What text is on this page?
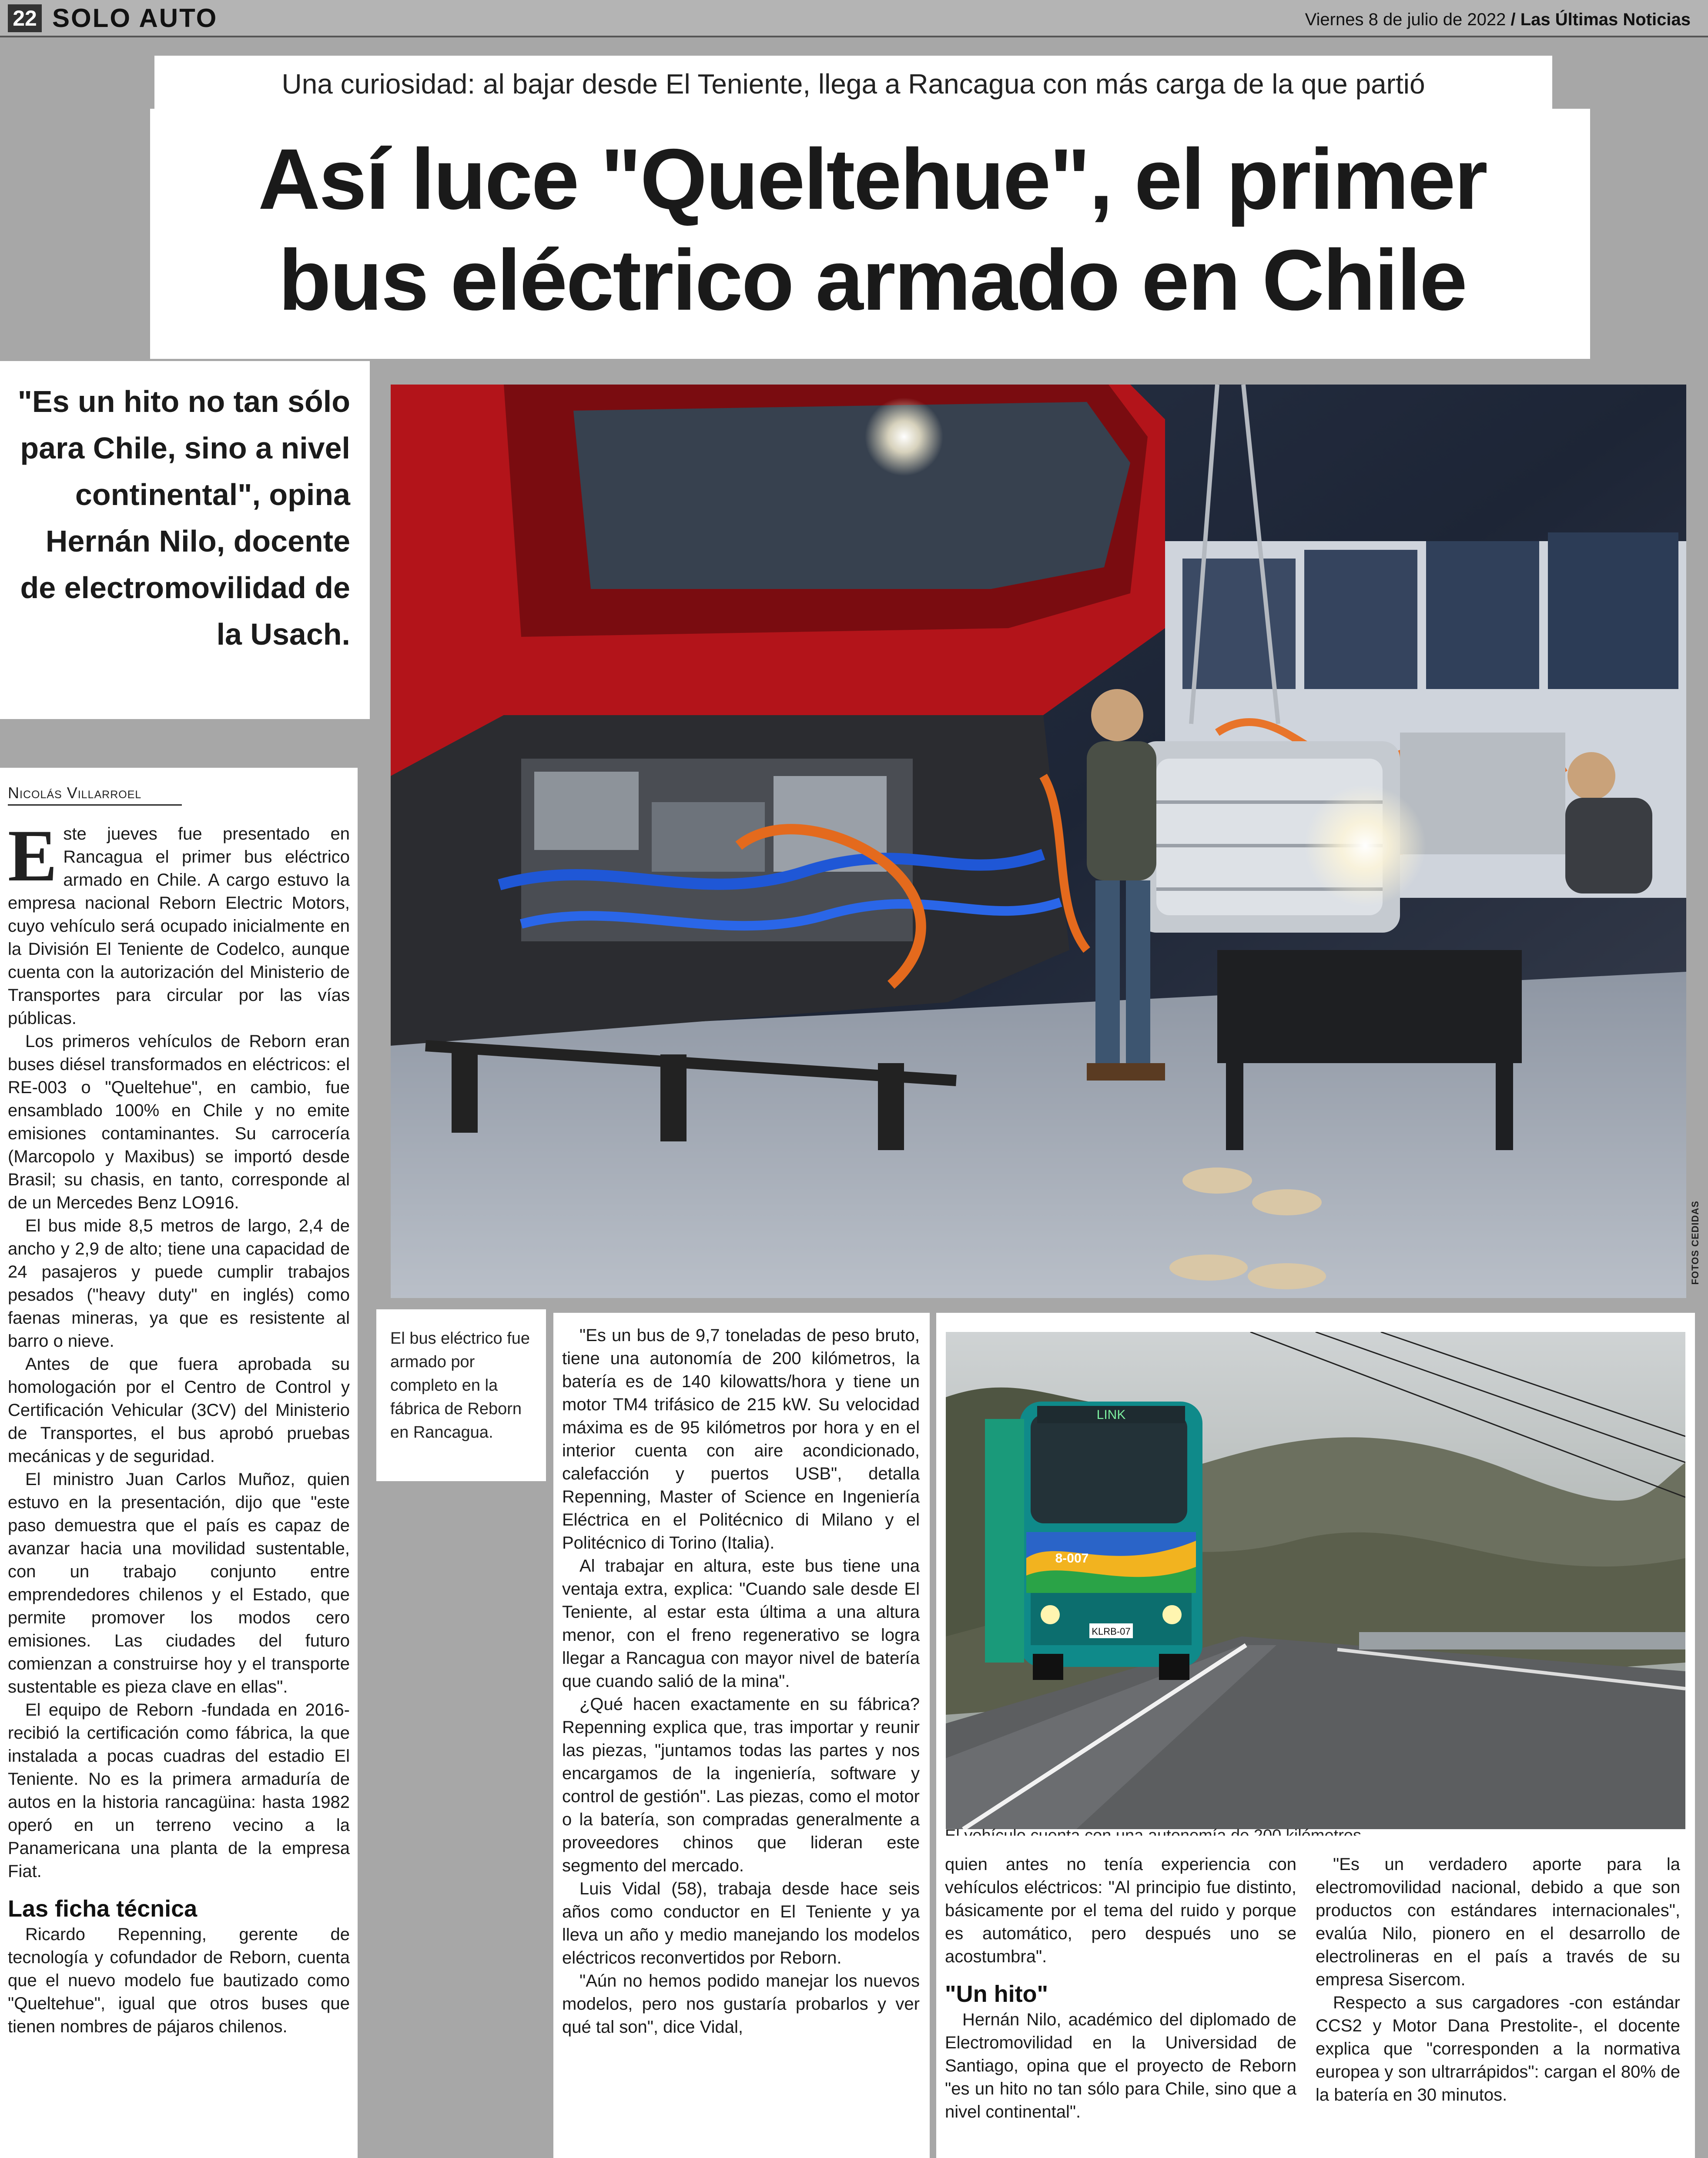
22 SOLO AUTO	Viernes 8 de julio de 2022 / Las Últimas Noticias
Una curiosidad: al bajar desde El Teniente, llega a Rancagua con más carga de la que partió
Así luce "Queltehue", el primer
bus eléctrico armado en Chile
"Es un hito no tan sólo para Chile, sino a nivel continental", opina Hernán Nilo, docente de electromovilidad de la Usach.
FOTOS CEDIDAS
El bus eléctrico fue armado por completo en la fábrica de Reborn en Rancagua.
Nicolás Villarroel

Este jueves fue presentado en Rancagua el primer bus eléctrico armado en Chile. A cargo estuvo la empresa nacional Reborn Electric Motors, cuyo vehículo será ocupado inicialmente en la División El Teniente de Codelco, aunque cuenta con la autorización del Ministerio de Transportes para circular por las vías públicas.

Los primeros vehículos de Reborn eran buses diésel transformados en eléctricos: el RE-003 o "Queltehue", en cambio, fue ensamblado 100% en Chile y no emite emisiones contaminantes. Su carrocería (Marcopolo y Maxibus) se importó desde Brasil; su chasis, en tanto, corresponde al de un Mercedes Benz LO916.

El bus mide 8,5 metros de largo, 2,4 de ancho y 2,9 de alto; tiene una capacidad de 24 pasajeros y puede cumplir trabajos pesados ("heavy duty" en inglés) como faenas mineras, ya que es resistente al barro o nieve.

Antes de que fuera aprobada su homologación por el Centro de Control y Certificación Vehicular (3CV) del Ministerio de Transportes, el bus aprobó pruebas mecánicas y de seguridad.

El ministro Juan Carlos Muñoz, quien estuvo en la presentación, dijo que "este paso demuestra que el país es capaz de avanzar hacia una movilidad sustentable, con un trabajo conjunto entre emprendedores chilenos y el Estado, que permite promover los modos cero emisiones. Las ciudades del futuro comienzan a construirse hoy y el transporte sustentable es pieza clave en ellas".

El equipo de Reborn -fundada en 2016- recibió la certificación como fábrica, la que instalada a pocas cuadras del estadio El Teniente. No es la primera armaduría de autos en la historia rancagüina: hasta 1982 operó en un terreno vecino a la Panamericana una planta de la empresa Fiat.

Las ficha técnica

Ricardo Repenning, gerente de tecnología y cofundador de Reborn, cuenta que el nuevo modelo fue bautizado como "Queltehue", igual que otros buses que tienen nombres de pájaros chilenos.

"Es un bus de 9,7 toneladas de peso bruto, tiene una autonomía de 200 kilómetros, la batería es de 140 kilowatts/hora y tiene un motor TM4 trifásico de 215 kW. Su velocidad máxima es de 95 kilómetros por hora y en el interior cuenta con aire acondicionado, calefacción y puertos USB", detalla Repenning, Master of Science en Ingeniería Eléctrica en el Politécnico di Milano y el Politécnico di Torino (Italia).

Al trabajar en altura, este bus tiene una ventaja extra, explica: "Cuando sale desde El Teniente, al estar esta última a una altura menor, con el freno regenerativo se logra llegar a Rancagua con mayor nivel de batería que cuando salió de la mina".

¿Qué hacen exactamente en su fábrica? Repenning explica que, tras importar y reunir las piezas, "juntamos todas las partes y nos encargamos de la ingeniería, software y control de gestión". Las piezas, como el motor o la batería, son compradas generalmente a proveedores chinos que lideran este segmento del mercado.

Luis Vidal (58), trabaja desde hace seis años como conductor en El Teniente y ya lleva un año y medio manejando los modelos eléctricos reconvertidos por Reborn.

"Aún no hemos podido manejar los nuevos modelos, pero nos gustaría probarlos y ver qué tal son", dice Vidal,

LINK
8-007
KLRB-07

quien antes no tenía experiencia con vehículos eléctricos: "Al principio fue distinto, básicamente por el tema del ruido y porque es automático, pero después uno se acostumbra".

"Un hito"

Hernán Nilo, académico del diplomado de Electromovilidad en la Universidad de Santiago, opina que el proyecto de Reborn "es un hito no tan sólo para Chile, sino que a nivel continental".

"Es un verdadero aporte para la electromovilidad nacional, debido a que son productos con estándares internacionales", evalúa Nilo, pionero en el desarrollo de electrolineras en el país a través de su empresa Sisercom.

Respecto a sus cargadores -con estándar CCS2 y Motor Dana Prestolite-, el docente explica que "corresponden a la normativa europea y son ultrarrápidos": cargan el 80% de la batería en 30 minutos.
